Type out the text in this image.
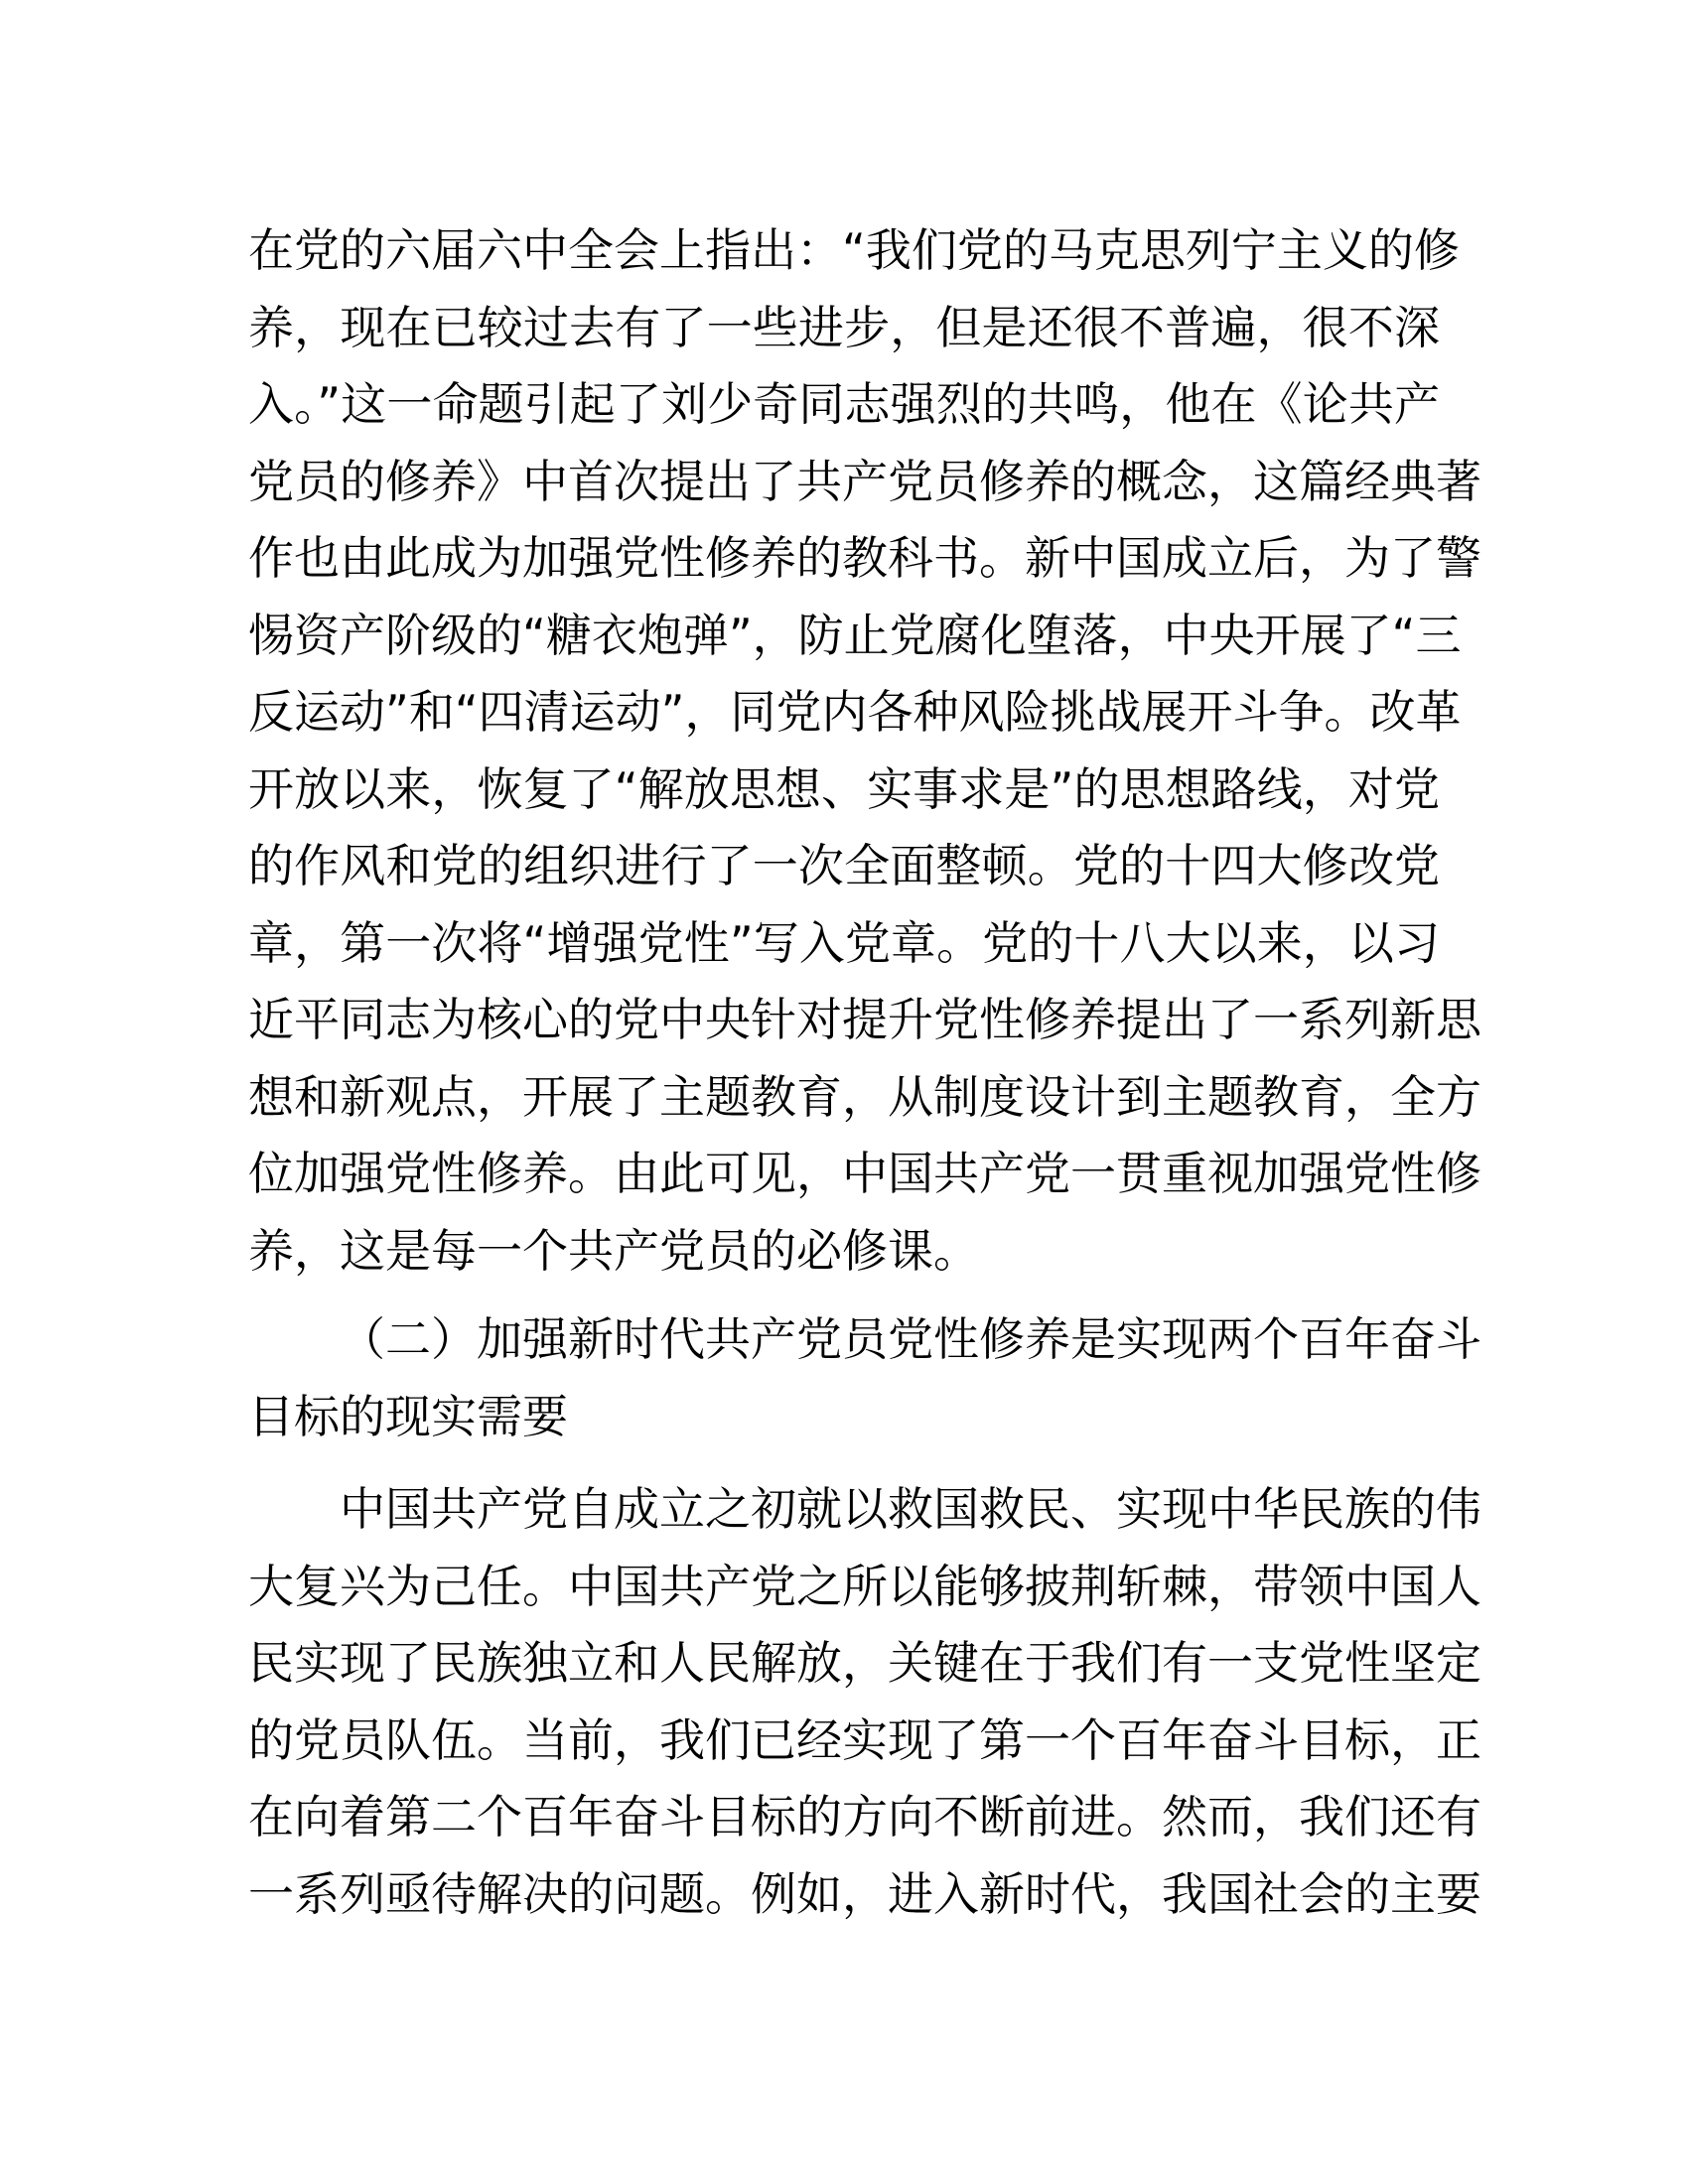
在党的六届六中全会上指出：“我们党的马克思列宁主义的修
养，现在已较过去有了一些进步，但是还很不普遍，很不深
入。”这一命题引起了刘少奇同志强烈的共鸣，他在《论共产
党员的修养》中首次提出了共产党员修养的概念，这篇经典著
作也由此成为加强党性修养的教科书。新中国成立后，为了警
惕资产阶级的“糖衣炮弹”，防止党腐化堕落，中央开展了“三
反运动”和“四清运动”，同党内各种风险挑战展开斗争。改革
开放以来，恢复了“解放思想、实事求是”的思想路线，对党
的作风和党的组织进行了一次全面整顿。党的十四大修改党
章，第一次将“增强党性”写入党章。党的十八大以来，以习
近平同志为核心的党中央针对提升党性修养提出了一系列新思
想和新观点，开展了主题教育，从制度设计到主题教育，全方
位加强党性修养。由此可见，中国共产党一贯重视加强党性修
养，这是每一个共产党员的必修课。
（二）加强新时代共产党员党性修养是实现两个百年奋斗
目标的现实需要
中国共产党自成立之初就以救国救民、实现中华民族的伟
大复兴为己任。中国共产党之所以能够披荆斩棘，带领中国人
民实现了民族独立和人民解放，关键在于我们有一支党性坚定
的党员队伍。当前，我们已经实现了第一个百年奋斗目标，正
在向着第二个百年奋斗目标的方向不断前进。然而，我们还有
一系列亟待解决的问题。例如，进入新时代，我国社会的主要
